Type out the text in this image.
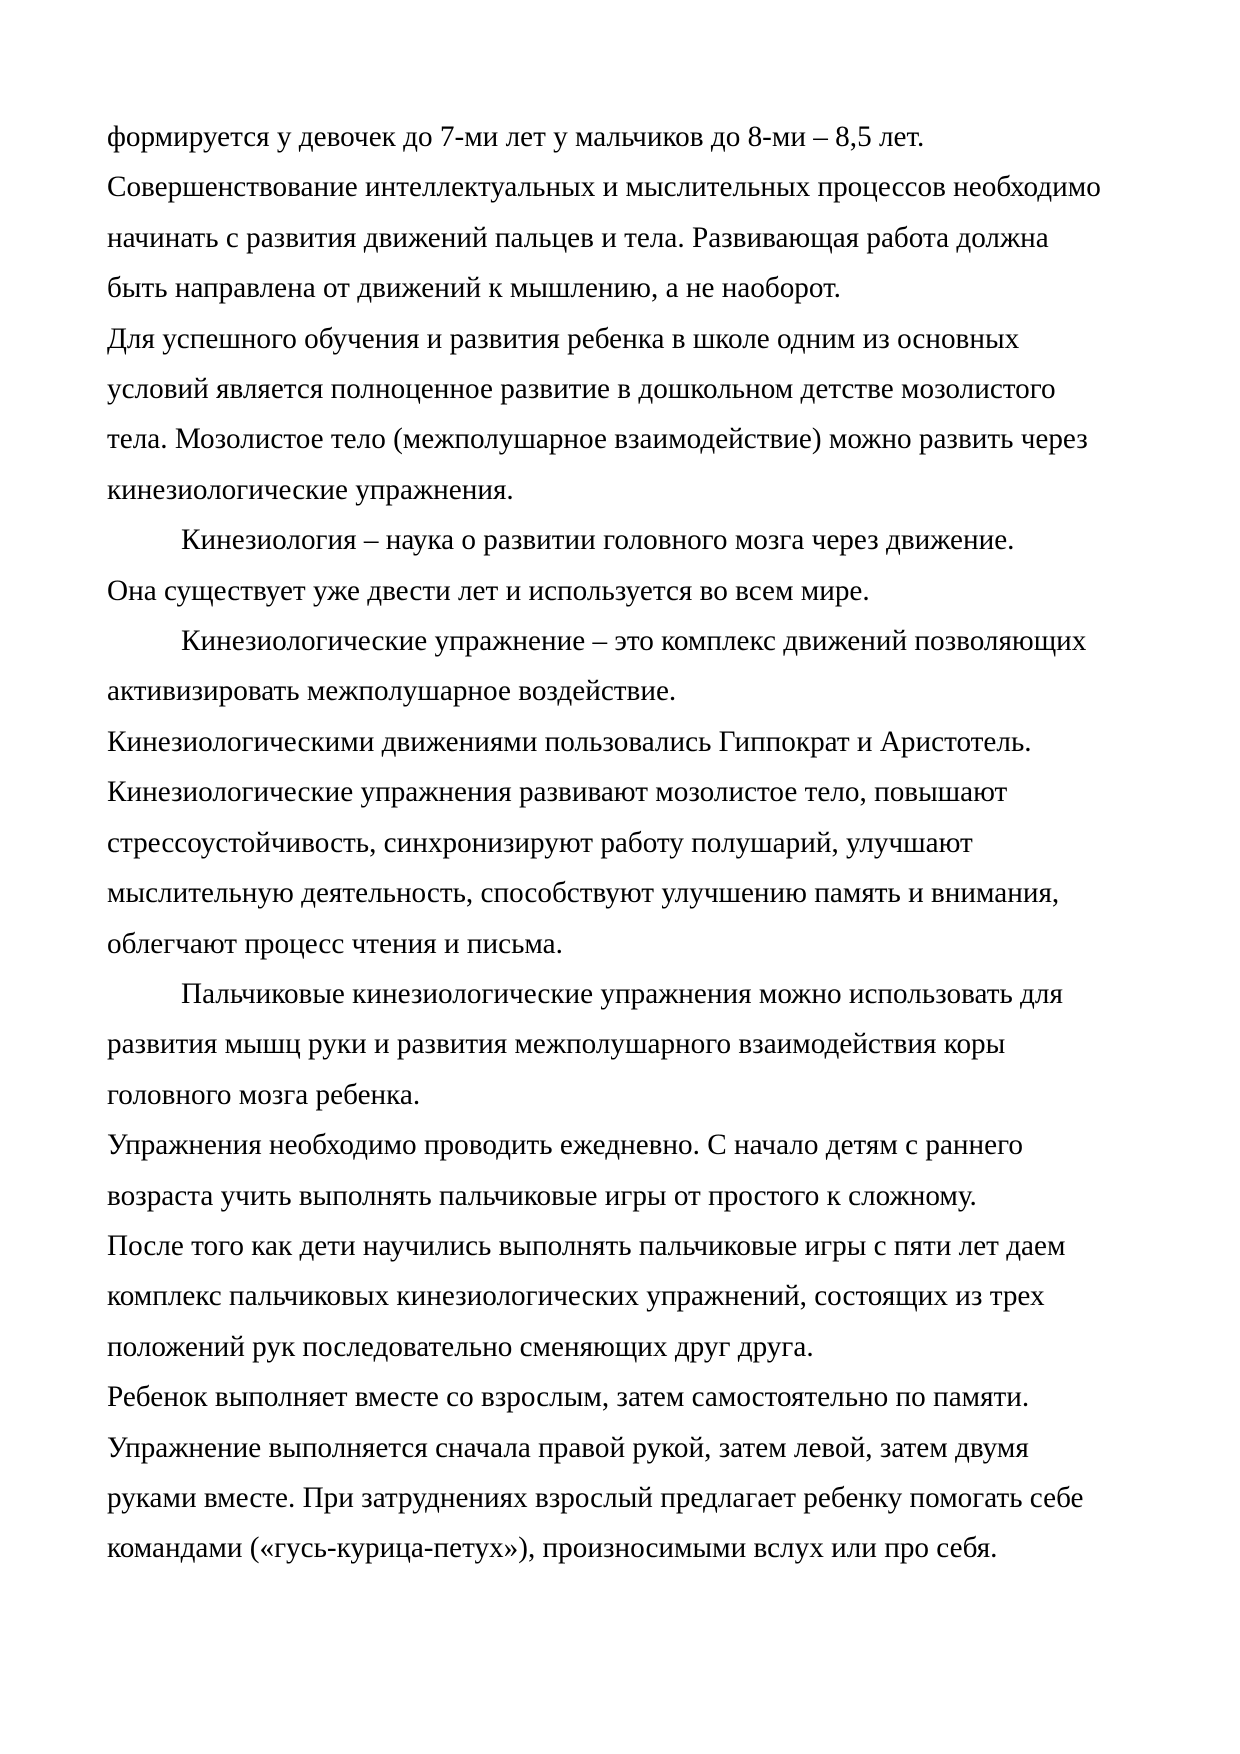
формируется у девочек до 7-ми лет у мальчиков до 8-ми – 8,5 лет.
Совершенствование интеллектуальных и мыслительных процессов необходимо
начинать с развития движений пальцев и тела. Развивающая работа должна
быть направлена от движений к мышлению, а не наоборот.
Для успешного обучения и развития ребенка в школе одним из основных
условий является полноценное развитие в дошкольном детстве мозолистого
тела. Мозолистое тело (межполушарное взаимодействие) можно развить через
кинезиологические упражнения.
Кинезиология – наука о развитии головного мозга через движение.
Она существует уже двести лет и используется во всем мире.
Кинезиологические упражнение – это комплекс движений позволяющих
активизировать межполушарное воздействие.
Кинезиологическими движениями пользовались Гиппократ и Аристотель.
Кинезиологические упражнения развивают мозолистое тело, повышают
стрессоустойчивость, синхронизируют работу полушарий, улучшают
мыслительную деятельность, способствуют улучшению память и внимания,
облегчают процесс чтения и письма.
Пальчиковые кинезиологические упражнения можно использовать для
развития мышц руки и развития межполушарного взаимодействия коры
головного мозга ребенка.
Упражнения необходимо проводить ежедневно. С начало детям с раннего
возраста учить выполнять пальчиковые игры от простого к сложному.
После того как дети научились выполнять пальчиковые игры с пяти лет даем
комплекс пальчиковых кинезиологических упражнений, состоящих из трех
положений рук последовательно сменяющих друг друга.
Ребенок выполняет вместе со взрослым, затем самостоятельно по памяти.
Упражнение выполняется сначала правой рукой, затем левой, затем двумя
руками вместе. При затруднениях взрослый предлагает ребенку помогать себе
командами («гусь-курица-петух»), произносимыми вслух или про себя.
